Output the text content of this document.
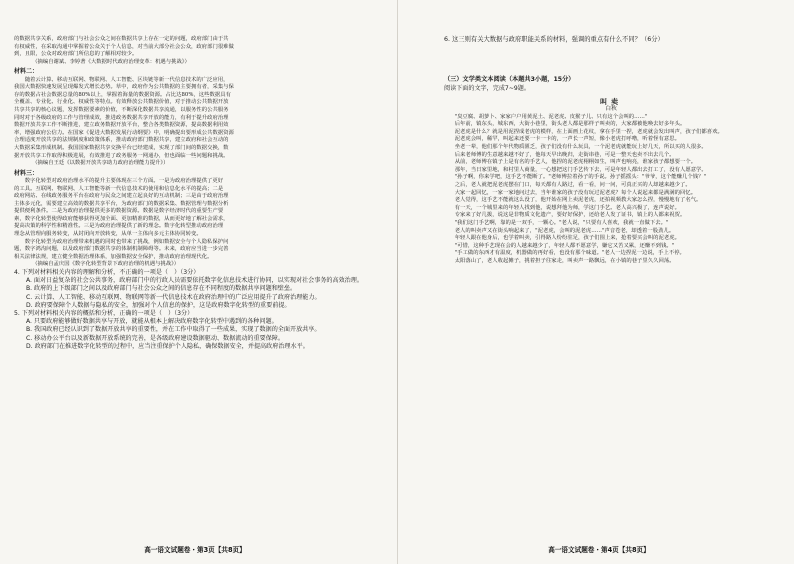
的数据共享关系，政府部门与社会公众之间在数据共享上存在一定的问题，政府部门由于共

有权威性，在采取沟通中掌握着公众关于个人信息，对当前大部分社会公众，政府部门很难做

到，且限，公众对政府部门所信息的了解相对较少。

（摘编自谢斌、李婷著《大数据时代政府治理变革：机遇与挑战》）

材料二：

随着云计算、移动互联网、物联网、人工智能、区块链等新一代信息技术的广泛应用，

我国大数据快速发展呈现爆发式增长态势。草中，政府作为公共数据的主要拥有者，采集与保

存的数据占社会数据总量的80%以上，掌握着海量的数据资源。占比达80%，这些数据具有

全覆盖、专业化、行业化、权威性等特点。有效释放公共数据价值，对于推动公共数据开放

共享共享的核心议题，发挥数据要素的价值，不断深化数据共享流通，以服务性的公共服务

同时对于各级政府的工作与管理成效，推进政务数据共享开放的能力，有利于提升政府治理

数据开放共享工作不断推进，建立政务数据开放平台，整合各类数据资源，提高数据利用效

率，增强政府公信力。在国家《促进大数据发展行动纲要》中，明确提出要形成公共数据资源

合理适度开放共享的法规制度和政策体系，推动政府部门数据共享，建立政府和社会互动的

大数据采集形成机制。我国国家数据共享交换平台已经建成，实现了部门间的数据交换，数

据开放共享工作取得积极进展，有效推进了政务服务一网通办，但也面临一些问题和挑战。

（摘编自王廷《以数据开放共享助力政府治理能力提升》）

材料三：

数字化转型对政府治理水平的提升主要体现在三个方面。一是为政府治理提供了更好

的工具。互联网、物联网、人工智能等新一代信息技术的使用和信息化水平的提高；二是

政府网站、在线政务服务平台在政府与民众之间建立起良好的互动机制；三是由于政府治理

主体多元化，需要建立高效的数据共享平台，为政府部门的数据采集、数据管理与数据分析

提供便利条件。二是为政府治理提供更多的数据资源。数据是数字经济时代的重要生产要

素，数字化转型使得政府能够获得更加全面、更加精准的数据，从而更好地了解社会需求，

提高决策的科学性和精准性。三是为政府治理提供了新的理念。数字化转型推动政府治理

理念从管理向服务转变，从封闭向开放转变，从单一主体向多元主体协同转变。

数字化转型为政府治理带来机遇的同时也带来了挑战，例如数据安全与个人隐私保护问

题，数字鸿沟问题，以及政府部门数据共享的体制机制障碍等。未来，政府应当进一步完善

相关法律法规，建立健全数据治理体系，加强数据安全保护，推动政府治理现代化。

（摘编自孟庆国《数字化转型背景下政府治理的机遇与挑战》）

4. 下列对材料相关内容的理解和分析，不正确的一项是（　）（3分）

A. 面对日益复杂的社会公共事务，政府部门中的行政人员需要依托数字化信息技术进行协同，以实现对社会事务的高效治理。

B. 政府的上下级部门之间以及政府部门与社会公众之间的信息存在不同程度的数据共享问题和壁垒。

C. 云计算、人工智能、移动互联网、物联网等新一代信息技术在政府治理中的广泛应用提升了政府治理能力。

D. 政府要保障个人数据与隐私的安全，加强对个人信息的保护，这是政府数字化转型的重要前提。

5. 下列对材料相关内容的概括和分析，正确的一项是（　）（3分）

A. 只要政府能够做好数据共享与开放，就能从根本上解决政府数字化转型中遇到的各种问题。

B. 我国政府已经认识到了数据开放共享的重要性，并在工作中取得了一些成果，实现了数据的全面开放共享。

C. 移动办公平台以及新数据开放系统的完善，是各级政府建设数据驱动、数据流动的重要保障。

D. 政府部门在推进数字化转型的过程中，应当注重保护个人隐私，确保数据安全，并提高政府治理水平。

高一语文试题卷・第3页【共8页】

6. 这三则有关大数据与政府职能关系的材料，强调的重点有什么不同？（6分）

（三）文学类文本阅读（本题共3小题，15分）

阅读下面的文字，完成7~9题。

叫卖

白秋

"臭豆腐、胡萝卜、家家户户用黄泥土、泥老虎、皮猴子儿、只有这个会叫的……"

后年前，镇东头，城东西，大街小巷里，街头老人都是那样子叫卖的，大家都被他唤去好多年头。

泥老虎是什么？就是用泥捏成老虎的模样，在上面画上花纹，拿在手里一捏，老虎就会发出叫声，孩子们都喜欢。

泥老虎会叫，稀罕，叫起来还要一卡一卡的，一声长一声短，像小老虎打呼噜，听着怪有意思。

坐老一辈，他们那个年代物质匮乏，孩子们没有什么玩具，一个泥老虎就能玩上好几天，所以买的人很多。

后来老师傅的生意越来越不好了，他每天早出晚归，走街串巷，可是一整天也卖不出去几个。

从前，老师傅在镇子上是有名的手艺人，他捏的泥老虎栩栩如生，叫声也响亮，谁家孩子都想要一个。

那年，当日家里地，和村里人商量，一心想把这门手艺传下去，可是年轻人都出去打工了，没有人愿意学。

"孙子啊，你来学吧，这手艺不能断了。"老师傅拉着孙子的手说。孙子摇摇头："爷爷，这个能赚几个钱？"

之后，老人就把泥老虎摆在门口，每天都有人路过，看一看，问一问，可真正买的人却越来越少了。

大家一起回忆，一家一家地问过去，当年谁家的孩子没有玩过泥老虎？每个人说起来都是满满的回忆。

老人觉得，这手艺不能就这么没了，他开始在网上卖泥老虎，还拍视频教大家怎么捏，慢慢地有了名气。

有一天，一个城里来的年轻人找到他，说想拜他为师，学这门手艺。老人高兴极了，连声说好。

专家来了好几拨，说这是非物质文化遗产，要好好保护，还给老人发了证书，镇上的人都来祝贺。

"我们这门手艺啊，靠的是一双手，一颗心。"老人说，"只要有人喜欢，我就一直做下去。"

老人的叫卖声又在街头响起来了，"泥老虎，会叫的泥老虎……"声音苍老，却透着一股劲儿。

年轻人跟在他身后，也学着叫卖，引得路人纷纷驻足，孩子们围上来，抢着要买会叫的泥老虎。

"可惜，这种手艺现在会的人越来越少了，年轻人都不愿意学，嫌它又苦又累，还赚不到钱。"

"手工做的东西才有温度，机器做的再好看，也没有那个味道。"老人一边捏泥一边说，手上不停。

太阳落山了，老人收起摊子，挑着担子往家走，叫卖声一路飘远，在小镇的巷子里久久回荡。

高一语文试题卷・第4页【共8页】
